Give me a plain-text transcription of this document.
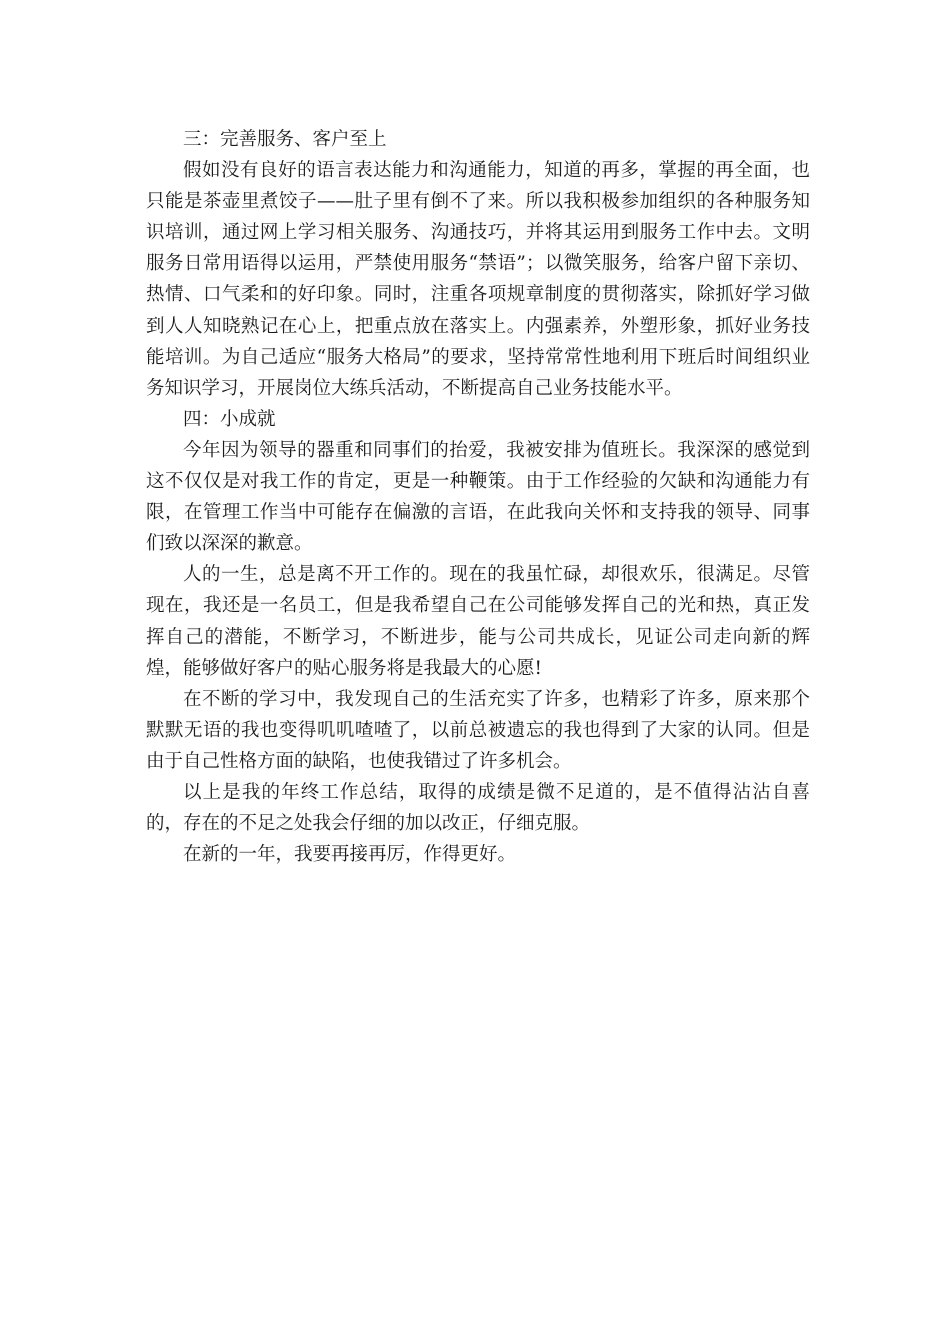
三：完善服务、客户至上

假如没有良好的语言表达能力和沟通能力，知道的再多，掌握的再全面，也只能是茶壶里煮饺子——肚子里有倒不了来。所以我积极参加组织的各种服务知识培训，通过网上学习相关服务、沟通技巧，并将其运用到服务工作中去。文明服务日常用语得以运用，严禁使用服务“禁语”；以微笑服务，给客户留下亲切、热情、口气柔和的好印象。同时，注重各项规章制度的贯彻落实，除抓好学习做到人人知晓熟记在心上，把重点放在落实上。内强素养，外塑形象，抓好业务技能培训。为自己适应“服务大格局”的要求，坚持常常性地利用下班后时间组织业务知识学习，开展岗位大练兵活动，不断提高自己业务技能水平。

四：小成就

今年因为领导的器重和同事们的抬爱，我被安排为值班长。我深深的感觉到这不仅仅是对我工作的肯定，更是一种鞭策。由于工作经验的欠缺和沟通能力有限，在管理工作当中可能存在偏激的言语，在此我向关怀和支持我的领导、同事们致以深深的歉意。

人的一生，总是离不开工作的。现在的我虽忙碌，却很欢乐，很满足。尽管现在，我还是一名员工，但是我希望自己在公司能够发挥自己的光和热，真正发挥自己的潜能，不断学习，不断进步，能与公司共成长，见证公司走向新的辉煌，能够做好客户的贴心服务将是我最大的心愿!

在不断的学习中，我发现自己的生活充实了许多，也精彩了许多，原来那个默默无语的我也变得叽叽喳喳了，以前总被遗忘的我也得到了大家的认同。但是由于自己性格方面的缺陷，也使我错过了许多机会。

以上是我的年终工作总结，取得的成绩是微不足道的，是不值得沾沾自喜的，存在的不足之处我会仔细的加以改正，仔细克服。

在新的一年，我要再接再厉，作得更好。
